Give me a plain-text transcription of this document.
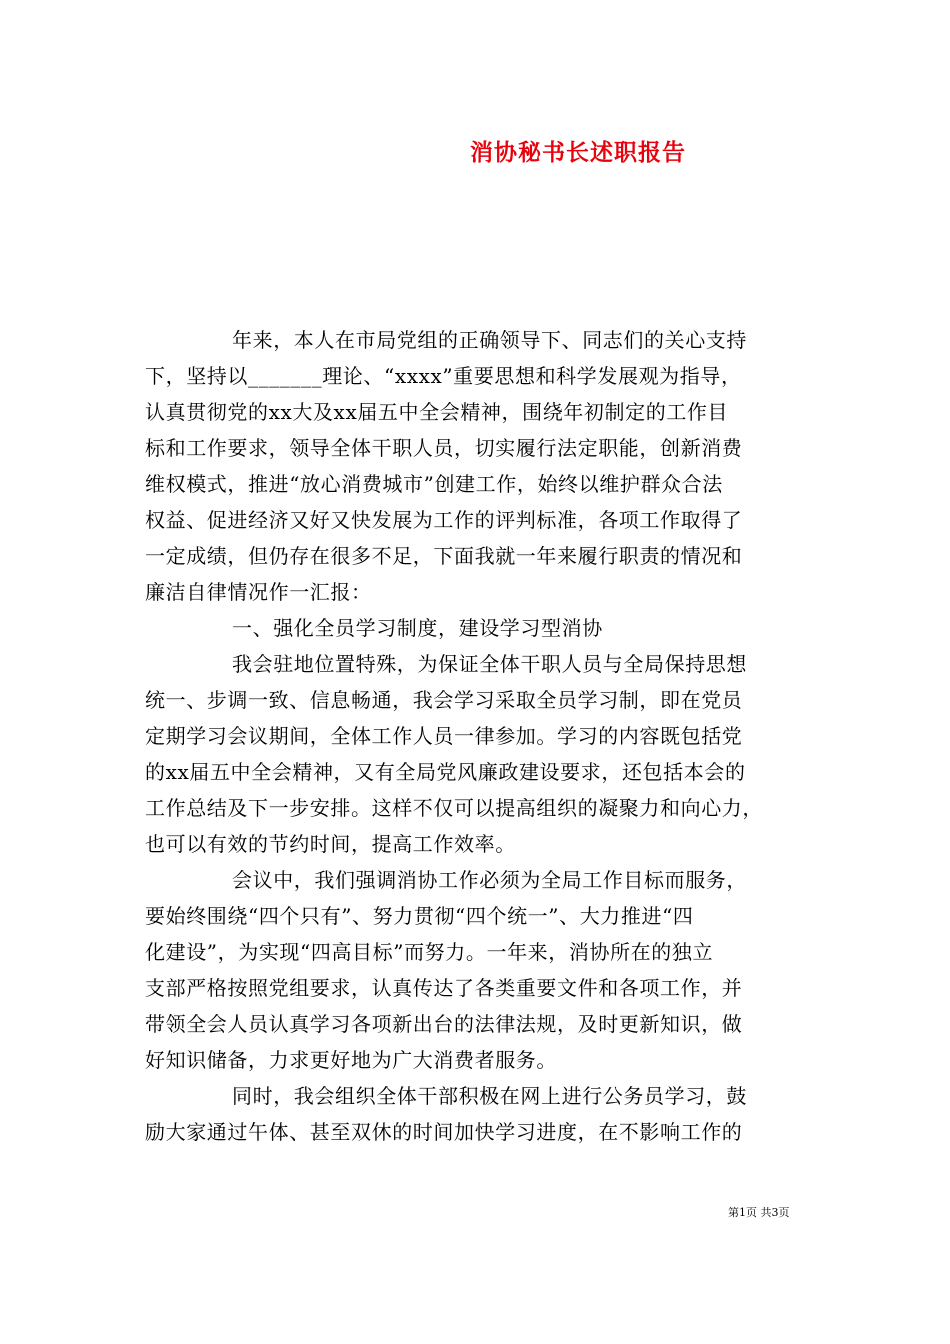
消协秘书长述职报告
年来，本人在市局党组的正确领导下、同志们的关心支持
下，坚持以_______理论、“xxxx”重要思想和科学发展观为指导，
认真贯彻党的xx大及xx届五中全会精神，围绕年初制定的工作目
标和工作要求，领导全体干职人员，切实履行法定职能，创新消费
维权模式，推进“放心消费城市”创建工作，始终以维护群众合法
权益、促进经济又好又快发展为工作的评判标准，各项工作取得了
一定成绩，但仍存在很多不足，下面我就一年来履行职责的情况和
廉洁自律情况作一汇报：
一、强化全员学习制度，建设学习型消协
我会驻地位置特殊，为保证全体干职人员与全局保持思想
统一、步调一致、信息畅通，我会学习采取全员学习制，即在党员
定期学习会议期间，全体工作人员一律参加。学习的内容既包括党
的xx届五中全会精神，又有全局党风廉政建设要求，还包括本会的
工作总结及下一步安排。这样不仅可以提高组织的凝聚力和向心力，
也可以有效的节约时间，提高工作效率。
会议中，我们强调消协工作必须为全局工作目标而服务，
要始终围绕“四个只有”、努力贯彻“四个统一”、大力推进“四
化建设”，为实现“四高目标”而努力。一年来，消协所在的独立
支部严格按照党组要求，认真传达了各类重要文件和各项工作，并
带领全会人员认真学习各项新出台的法律法规，及时更新知识，做
好知识储备，力求更好地为广大消费者服务。
同时，我会组织全体干部积极在网上进行公务员学习，鼓
励大家通过午体、甚至双休的时间加快学习进度，在不影响工作的
第1页 共3页
